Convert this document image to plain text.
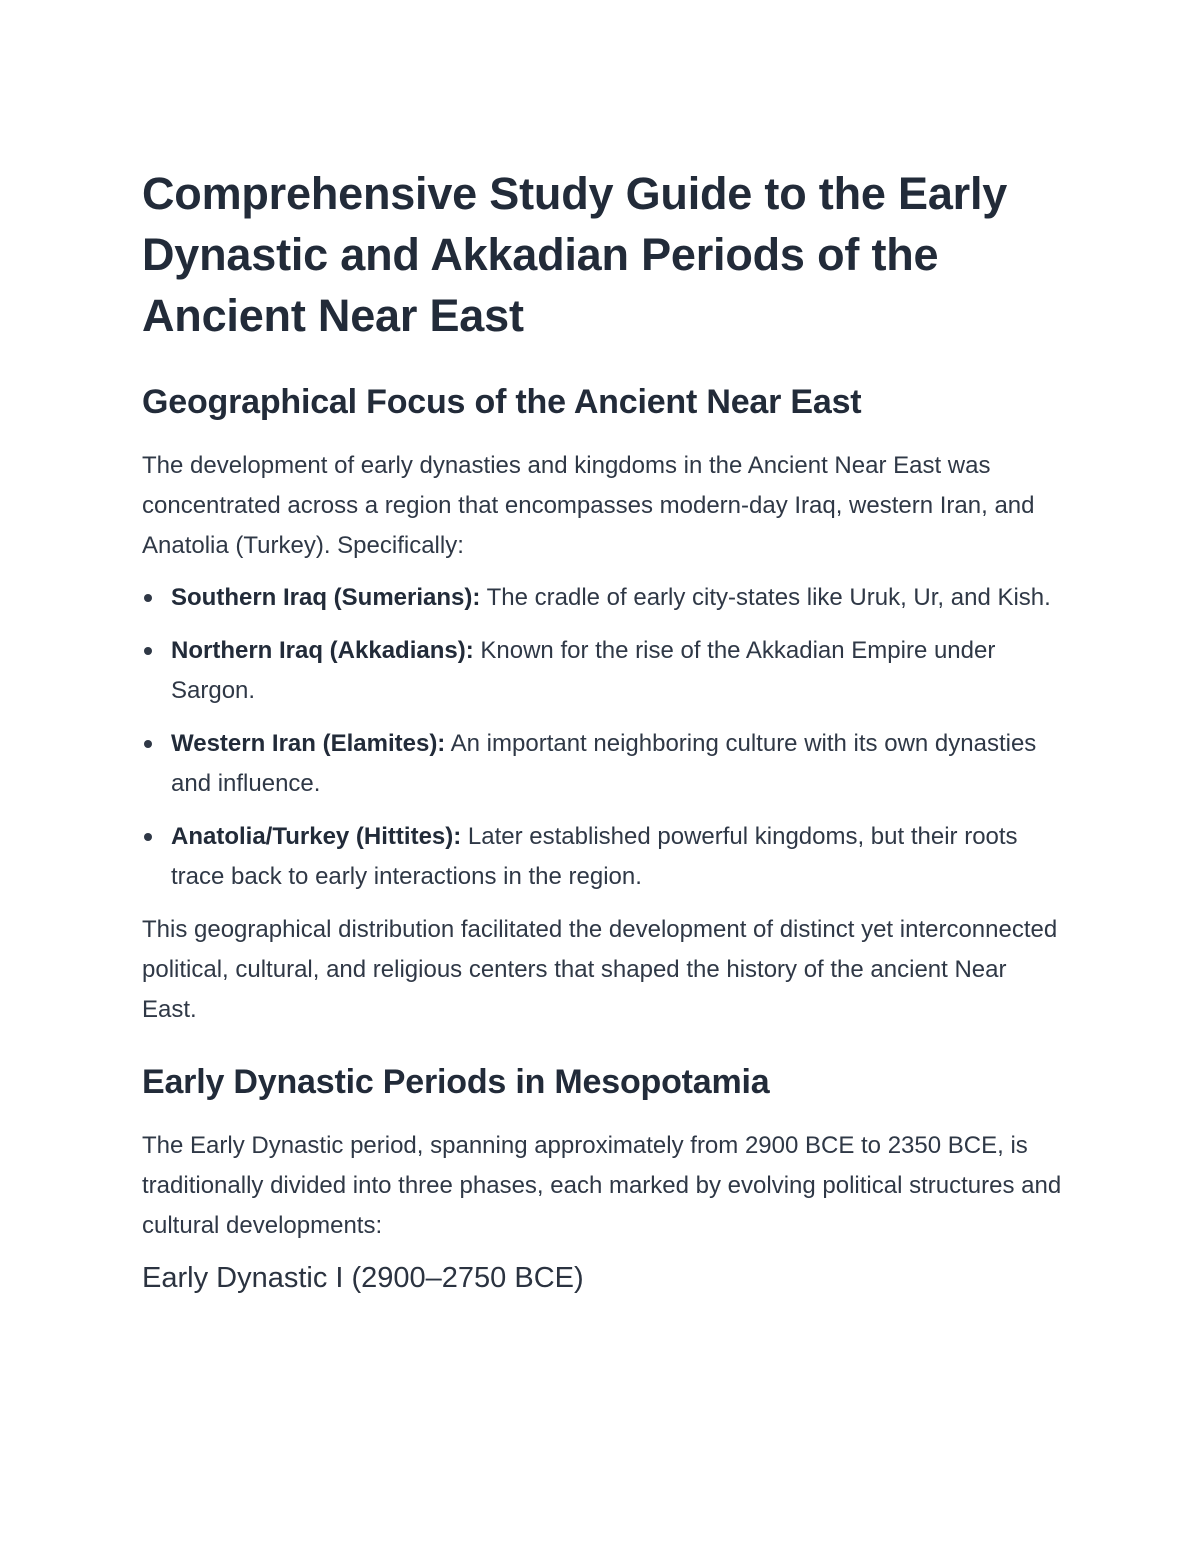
Comprehensive Study Guide to the Early Dynastic and Akkadian Periods of the Ancient Near East
Geographical Focus of the Ancient Near East

The development of early dynasties and kingdoms in the Ancient Near East was concentrated across a region that encompasses modern-day Iraq, western Iran, and Anatolia (Turkey). Specifically:

Southern Iraq (Sumerians): The cradle of early city-states like Uruk, Ur, and Kish.
Northern Iraq (Akkadians): Known for the rise of the Akkadian Empire under Sargon.
Western Iran (Elamites): An important neighboring culture with its own dynasties and influence.
Anatolia/Turkey (Hittites): Later established powerful kingdoms, but their roots trace back to early interactions in the region.

This geographical distribution facilitated the development of distinct yet interconnected political, cultural, and religious centers that shaped the history of the ancient Near East.

Early Dynastic Periods in Mesopotamia

The Early Dynastic period, spanning approximately from 2900 BCE to 2350 BCE, is traditionally divided into three phases, each marked by evolving political structures and cultural developments:

Early Dynastic I (2900–2750 BCE)
